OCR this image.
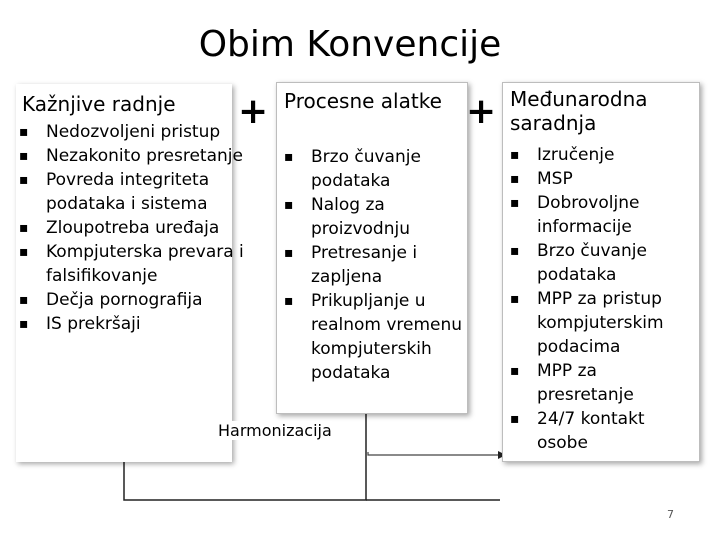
Obim Konvencije
Kažnjive radnje
▪ Nedozvoljeni pristup
▪ Nezakonito presretanje
▪ Povreda integriteta podataka i sistema
▪ Zloupotreba uređaja
▪ Kompjuterska prevara i falsifikovanje
▪ Dečja pornografija
▪ IS prekršaji
+ Procesne alatke
▪ Brzo čuvanje podataka
▪ Nalog za proizvodnju
▪ Pretresanje i zapljena
▪ Prikupljanje u realnom vremenu kompjuterskih podataka
+ Međunarodna saradnja
▪ Izručenje
▪ MSP
▪ Dobrovoljne informacije
▪ Brzo čuvanje podataka
▪ MPP za pristup kompjuterskim podacima
▪ MPP za presretanje
▪ 24/7 kontakt osobe
Harmonizacija
7
